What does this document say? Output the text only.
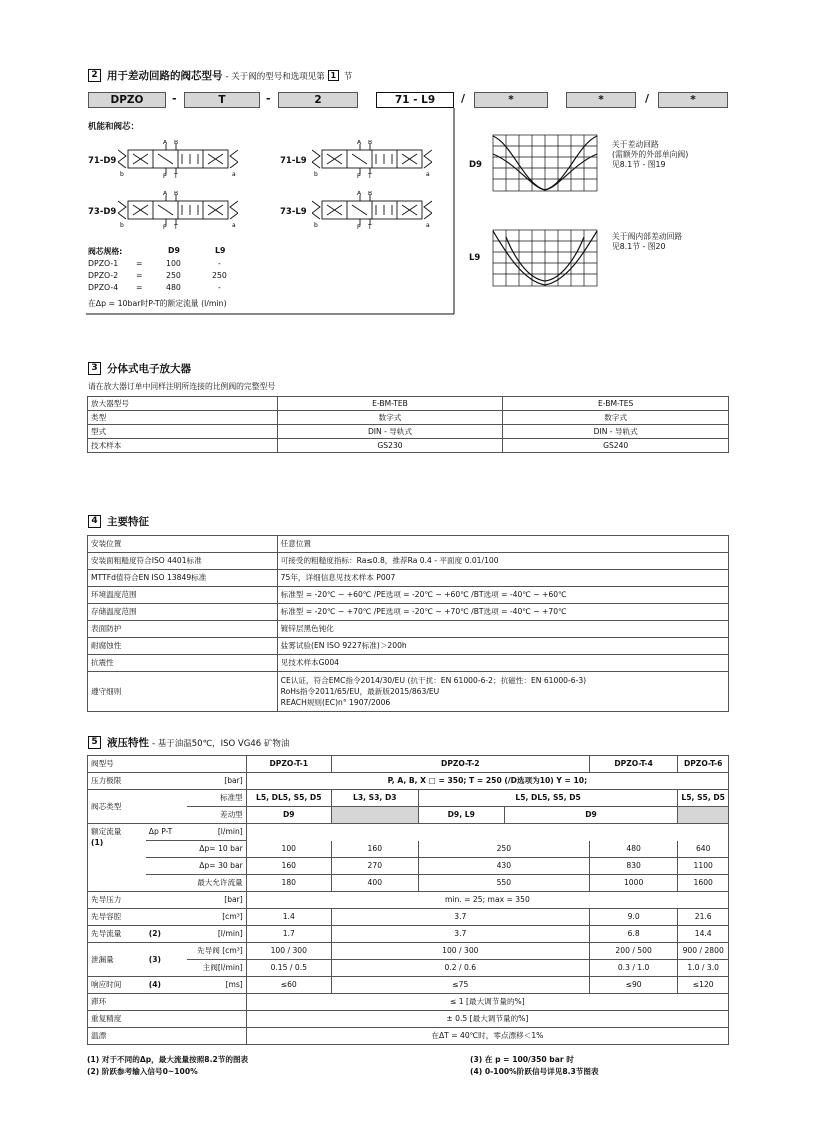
2 用于差动回路的阀芯型号 - 关于阀的型号和选项见第 1 节
DPZO	-	T	-	2	71 - L9	/	*	*	/	*
机能和阀芯：
71-D9	71-L9
73-D9	73-L9
A B
P T
b	a
A B
P T
b	a
A B
P T
b	a
A B
P T
b	a
阀芯规格:	D9	L9
DPZO-1 =	100	-
DPZO-2 =	250	250
DPZO-4 =	480	-
在Δp = 10bar时P-T的额定流量 (l/min)
D9
关于差动回路
(需额外的外部单向阀)
见8.1节 - 图19
L9
关于阀内部差动回路
见8.1节 - 图20
3 分体式电子放大器
请在放大器订单中同样注明所连接的比例阀的完整型号
放大器型号	E-BM-TEB	E-BM-TES
类型	数字式	数字式
型式	DIN - 导轨式	DIN - 导轨式
技术样本	GS230	GS240
4 主要特征
安装位置	任意位置
安装面粗糙度符合ISO 4401标准	可接受的粗糙度指标：Ra≤0.8，推荐Ra 0.4 - 平面度 0.01/100
MTTFd值符合EN ISO 13849标准	75年，详细信息见技术样本 P007
环境温度范围	标准型 = -20℃ ~ +60℃ /PE选项 = -20℃ ~ +60℃ /BT选项 = -40℃ ~ +60℃
存储温度范围	标准型 = -20℃ ~ +70℃ /PE选项 = -20℃ ~ +70℃ /BT选项 = -40℃ ~ +70℃
表面防护	镀锌层黑色钝化
耐腐蚀性	盐雾试验(EN ISO 9227标准)＞200h
抗震性	见技术样本G004
遵守细则	CE认证，符合EMC指令2014/30/EU (抗干扰：EN 61000-6-2；抗磁性：EN 61000-6-3)
RoHs指令2011/65/EU，最新版2015/863/EU
REACH规则(EC)n° 1907/2006
5 液压特性 - 基于油温50℃，ISO VG46 矿物油
阀型号			DPZO-T-1	DPZO-T-2			DPZO-T-4	DPZO-T-6
压力极限		[bar]	P, A, B, X □ = 350; T = 250 (/D选项为10) Y = 10;					
阀芯类型		标准型	L5, DL5, S5, D5	L3, S3, D3	L5, DL5, S5, D5			L5, S5, D5
		差动型	D9		D9, L9	D9		

额定流量
(1)	Δp P-T	[l/min]						
	Δp= 10 bar		100	160	250		480	640
	Δp= 30 bar		160	270	430		830	1100
	最大允许流量		180	400	550		1000	1600
先导压力		[bar]	min. = 25; max = 350					
先导容腔		[cm³]	1.4	3.7			9.0	21.6
先导流量	(2)	[l/min]	1.7	3.7			6.8	14.4
泄漏量	(3)	先导阀 [cm³]	100 / 300	100 / 300			200 / 500	900 / 2800
		主阀[l/min]	0.15 / 0.5	0.2 / 0.6			0.3 / 1.0	1.0 / 3.0
响应时间	(4)	[ms]	≤60	≤75			≤90	≤120
滞环			≤ 1 [最大调节量的%]					
重复精度			± 0.5 [最大调节量的%]					
温漂			在ΔT = 40℃时，零点漂移＜1%					
(1) 对于不同的Δp，最大流量按照8.2节的图表
(2) 阶跃参考输入信号0~100%
(3) 在 p = 100/350 bar 时
(4) 0-100%阶跃信号详见8.3节图表
